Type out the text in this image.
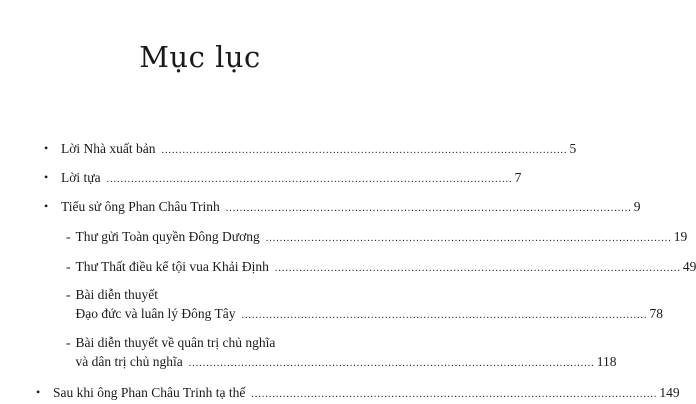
Mục lục
• Lời Nhà xuất bản .....	5
• Lời tựa .....	7
• Tiểu sử ông Phan Châu Trinh .....	9
- Thư gửi Toàn quyền Đông Dương .....	19
- Thư Thất điều kể tội vua Khải Định .....	49
- Bài diễn thuyết
Đạo đức và luân lý Đông Tây .....	78
- Bài diễn thuyết về quân trị chủ nghĩa
và dân trị chủ nghĩa .....	118
• Sau khi ông Phan Châu Trinh tạ thế .....	149
